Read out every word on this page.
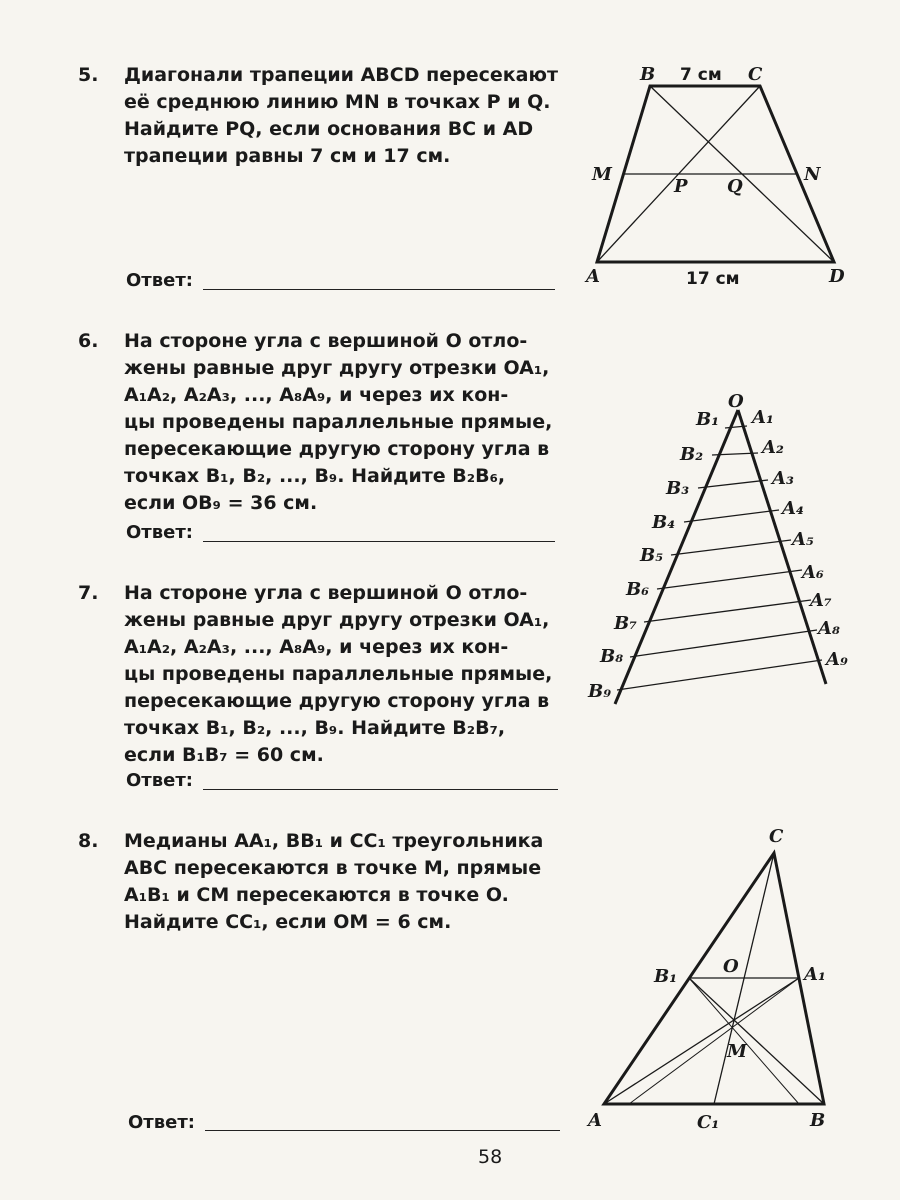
5. Диагонали трапеции ABCD пересекают
её среднюю линию MN в точках P и Q.
Найдите PQ, если основания BC и AD
трапеции равны 7 см и 17 см.
Ответ:
6. На стороне угла с вершиной O отло-
жены равные друг другу отрезки OA₁,
A₁A₂, A₂A₃, ..., A₈A₉, и через их кон-
цы проведены параллельные прямые,
пересекающие другую сторону угла в
точках B₁, B₂, ..., B₉. Найдите B₂B₆,
если OB₉ = 36 см.
Ответ:
7. На стороне угла с вершиной O отло-
жены равные друг другу отрезки OA₁,
A₁A₂, A₂A₃, ..., A₈A₉, и через их кон-
цы проведены параллельные прямые,
пересекающие другую сторону угла в
точках B₁, B₂, ..., B₉. Найдите B₂B₇,
если B₁B₇ = 60 см.
Ответ:
8. Медианы AA₁, BB₁ и CC₁ треугольника
ABC пересекаются в точке M, прямые
A₁B₁ и CM пересекаются в точке O.
Найдите CC₁, если OM = 6 см.
Ответ:
58
B 7 см C
M
P Q
N
A	17 см	D
O
B₁ A₁
B₂	A₂
B₃	A₃
B₄
A₄
B₅
A₅
B₆
A₆
B₇
A₇
B₈
A₈
B₉
A₉
C
B₁	O	A₁
M
A	C₁	B
